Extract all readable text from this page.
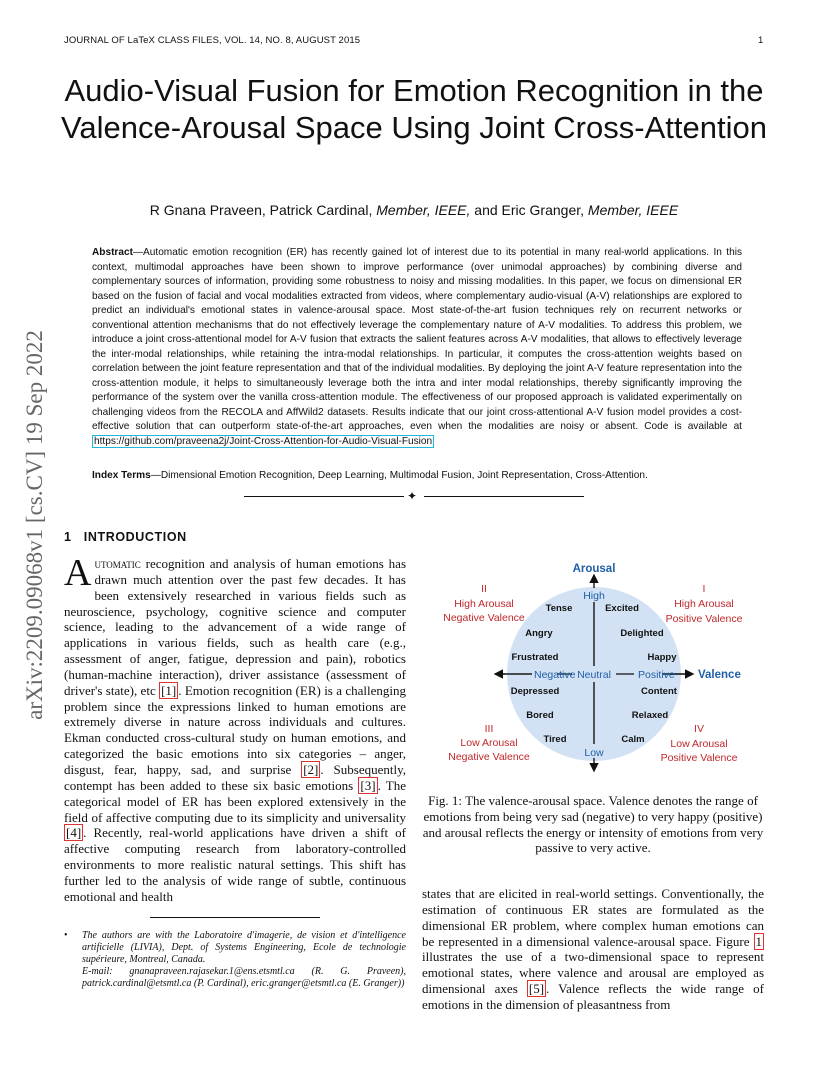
JOURNAL OF LaTeX CLASS FILES, VOL. 14, NO. 8, AUGUST 2015	1
Audio-Visual Fusion for Emotion Recognition in the Valence-Arousal Space Using Joint Cross-Attention
R Gnana Praveen, Patrick Cardinal, Member, IEEE, and Eric Granger, Member, IEEE
arXiv:2209.09068v1 [cs.CV] 19 Sep 2022
Abstract—Automatic emotion recognition (ER) has recently gained lot of interest due to its potential in many real-world applications. In this context, multimodal approaches have been shown to improve performance (over unimodal approaches) by combining diverse and complementary sources of information, providing some robustness to noisy and missing modalities. In this paper, we focus on dimensional ER based on the fusion of facial and vocal modalities extracted from videos, where complementary audio-visual (A-V) relationships are explored to predict an individual's emotional states in valence-arousal space. Most state-of-the-art fusion techniques rely on recurrent networks or conventional attention mechanisms that do not effectively leverage the complementary nature of A-V modalities. To address this problem, we introduce a joint cross-attentional model for A-V fusion that extracts the salient features across A-V modalities, that allows to effectively leverage the inter-modal relationships, while retaining the intra-modal relationships. In particular, it computes the cross-attention weights based on correlation between the joint feature representation and that of the individual modalities. By deploying the joint A-V feature representation into the cross-attention module, it helps to simultaneously leverage both the intra and inter modal relationships, thereby significantly improving the performance of the system over the vanilla cross-attention module. The effectiveness of our proposed approach is validated experimentally on challenging videos from the RECOLA and AffWild2 datasets. Results indicate that our joint cross-attentional A-V fusion model provides a cost-effective solution that can outperform state-of-the-art approaches, even when the modalities are noisy or absent. Code is available at https://github.com/praveena2j/Joint-Cross-Attention-for-Audio-Visual-Fusion
Index Terms—Dimensional Emotion Recognition, Deep Learning, Multimodal Fusion, Joint Representation, Cross-Attention.
✦
1 INTRODUCTION
Automatic recognition and analysis of human emotions has drawn much attention over the past few decades. It has been extensively researched in various fields such as neuroscience, psychology, cognitive science and computer science, leading to the advancement of a wide range of applications in various fields, such as health care (e.g., assessment of anger, fatigue, depression and pain), robotics (human-machine interaction), driver assistance (assessment of driver's state), etc [1] . Emotion recognition (ER) is a challenging problem since the expressions linked to human emotions are extremely diverse in nature across individuals and cultures. Ekman conducted cross-cultural study on human emotions, and categorized the basic emotions into six categories – anger, disgust, fear, happy, sad, and surprise [2] . Subsequently, contempt has been added to these six basic emotions [3] . The categorical model of ER has been explored extensively in the field of affective computing due to its simplicity and universality [4] . Recently, real-world applications have driven a shift of affective computing research from laboratory-controlled environments to more realistic natural settings. This shift has further led to the analysis of wide range of subtle, continuous emotional and health
• The authors are with the Laboratoire d'imagerie, de vision et d'intelligence artificielle (LIVIA), Dept. of Systems Engineering, Ecole de technologie supérieure, Montreal, Canada.
E-mail: gnanapraveen.rajasekar.1@ens.etsmtl.ca (R. G. Praveen), patrick.cardinal@etsmtl.ca (P. Cardinal), eric.granger@etsmtl.ca (E. Granger))
Arousal
Valence
High
Low
Negative Neutral	Positive
I
High Arousal
Positive Valence
II
High Arousal
Negative Valence
III
Low Arousal
Negative Valence
IV
Low Arousal
Positive Valence
Tense	Excited
Angry	Delighted
Frustrated	Happy
Depressed	Content
Bored	Relaxed
Tired	Calm
Fig. 1: The valence-arousal space. Valence denotes the range of emotions from being very sad (negative) to very happy (positive) and arousal reflects the energy or intensity of emotions from very passive to very active.
states that are elicited in real-world settings. Conventionally, the estimation of continuous ER states are formulated as the dimensional ER problem, where complex human emotions can be represented in a dimensional valence-arousal space. Figure 1 illustrates the use of a two-dimensional space to represent emotional states, where valence and arousal are employed as dimensional axes [5] . Valence reflects the wide range of emotions in the dimension of pleasantness from
